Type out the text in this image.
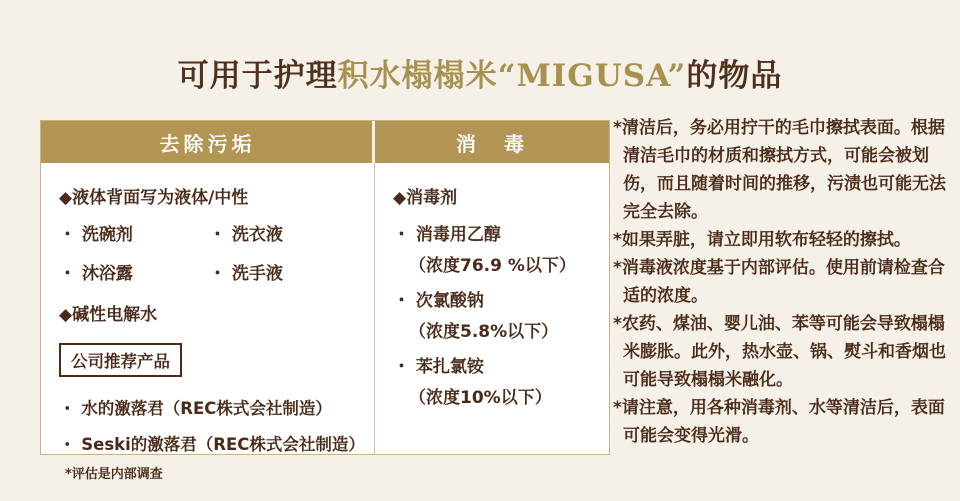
可用于护理积水榻榻米“MIGUSA”的物品
去除污垢
◆液体背面写为液体/中性
・ 洗碗剂	・ 洗衣液
・ 沐浴露	・ 洗手液
◆碱性电解水
公司推荐产品
・ 水的激落君（REC株式会社制造）
・ Seski的激落君（REC株式会社制造）
*评估是内部调查
消　毒
◆消毒剂
・ 消毒用乙醇
（浓度76.9 %以下）
・ 次氯酸钠
（浓度5.8%以下）
・ 苯扎氯铵
（浓度10%以下）

*清洁后，务必用拧干的毛巾擦拭表面。根据清洁毛巾的材质和擦拭方式，可能会被划伤，而且随着时间的推移，污渍也可能无法完全去除。

*如果弄脏，请立即用软布轻轻的擦拭。

*消毒液浓度基于内部评估。使用前请检查合适的浓度。

*农药、煤油、婴儿油、苯等可能会导致榻榻米膨胀。此外，热水壶、锅、熨斗和香烟也可能导致榻榻米融化。

*请注意，用各种消毒剂、水等清洁后，表面可能会变得光滑。
